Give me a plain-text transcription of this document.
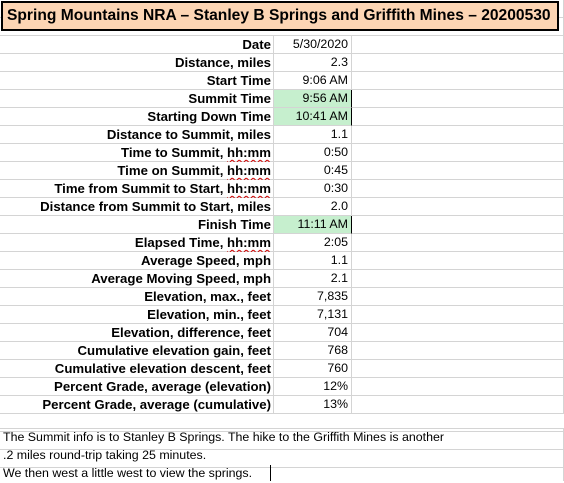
Spring Mountains NRA – Stanley B Springs and Griffith Mines – 20200530
Date	5/30/2020
Distance, miles	2.3
Start Time	9:06 AM
Summit Time	9:56 AM
Starting Down Time	10:41 AM
Distance to Summit, miles	1.1
Time to Summit, hh:mm	0:50
Time on Summit, hh:mm	0:45
Time from Summit to Start, hh:mm	0:30
Distance from Summit to Start, miles	2.0
Finish Time	11:11 AM
Elapsed Time, hh:mm	2:05
Average Speed, mph	1.1
Average Moving Speed, mph	2.1
Elevation, max., feet	7,835
Elevation, min., feet	7,131
Elevation, difference, feet	704
Cumulative elevation gain, feet	768
Cumulative elevation descent, feet	760
Percent Grade, average (elevation)	12%
Percent Grade, average (cumulative)	13%
The Summit info is to Stanley B Springs. The hike to the Griffith Mines is another
.2 miles round-trip taking 25 minutes.
We then west a little west to view the springs.
